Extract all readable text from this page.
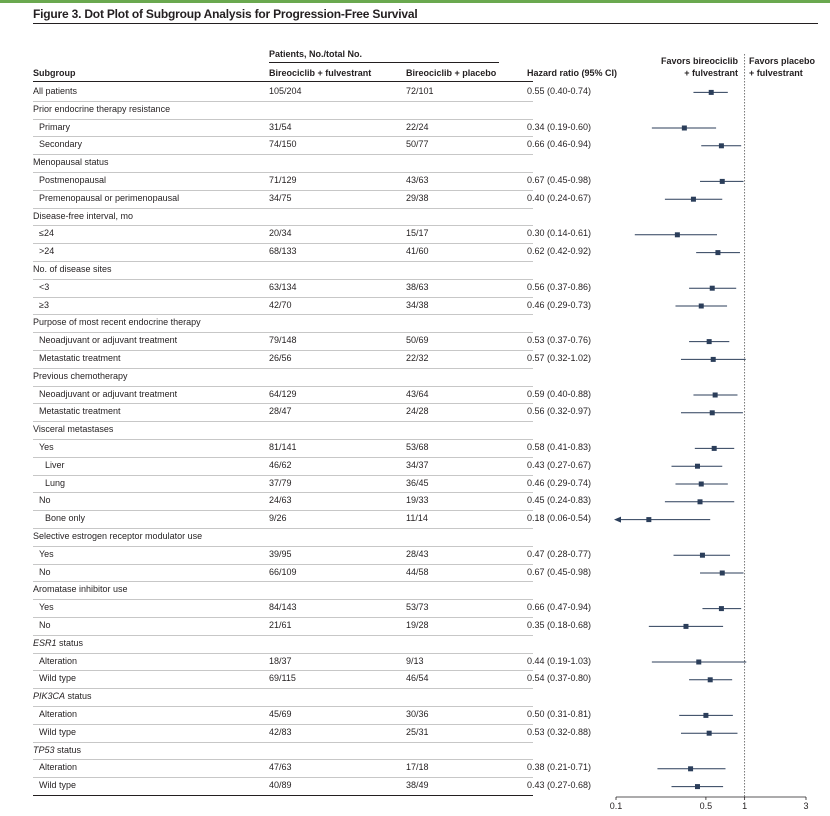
Figure 3. Dot Plot of Subgroup Analysis for Progression-Free Survival
Patients, No./total No.
Subgroup	Bireociclib + fulvestrant	Bireociclib + placebo	Hazard ratio (95% CI)
Favors bireociclib
+ fulvestrant
Favors placebo
+ fulvestrant
All patients	105/204	72/101	0.55 (0.40-0.74)
Prior endocrine therapy resistance
Primary	31/54	22/24	0.34 (0.19-0.60)
Secondary	74/150	50/77	0.66 (0.46-0.94)
Menopausal status
Postmenopausal	71/129	43/63	0.67 (0.45-0.98)
Premenopausal or perimenopausal	34/75	29/38	0.40 (0.24-0.67)
Disease-free interval, mo
≤24	20/34	15/17	0.30 (0.14-0.61)
>24	68/133	41/60	0.62 (0.42-0.92)
No. of disease sites
<3	63/134	38/63	0.56 (0.37-0.86)
≥3	42/70	34/38	0.46 (0.29-0.73)
Purpose of most recent endocrine therapy
Neoadjuvant or adjuvant treatment	79/148	50/69	0.53 (0.37-0.76)
Metastatic treatment	26/56	22/32	0.57 (0.32-1.02)
Previous chemotherapy
Neoadjuvant or adjuvant treatment	64/129	43/64	0.59 (0.40-0.88)
Metastatic treatment	28/47	24/28	0.56 (0.32-0.97)
Visceral metastases
Yes	81/141	53/68	0.58 (0.41-0.83)
Liver	46/62	34/37	0.43 (0.27-0.67)
Lung	37/79	36/45	0.46 (0.29-0.74)
No	24/63	19/33	0.45 (0.24-0.83)
Bone only	9/26	11/14	0.18 (0.06-0.54)
Selective estrogen receptor modulator use
Yes	39/95	28/43	0.47 (0.28-0.77)
No	66/109	44/58	0.67 (0.45-0.98)
Aromatase inhibitor use
Yes	84/143	53/73	0.66 (0.47-0.94)
No	21/61	19/28	0.35 (0.18-0.68)
ESR1 status
Alteration	18/37	9/13	0.44 (0.19-1.03)
Wild type	69/115	46/54	0.54 (0.37-0.80)
PIK3CA status
Alteration	45/69	30/36	0.50 (0.31-0.81)
Wild type	42/83	25/31	0.53 (0.32-0.88)
TP53 status
Alteration	47/63	17/18	0.38 (0.21-0.71)
Wild type	40/89	38/49	0.43 (0.27-0.68)
0.1	0.5	1	3
